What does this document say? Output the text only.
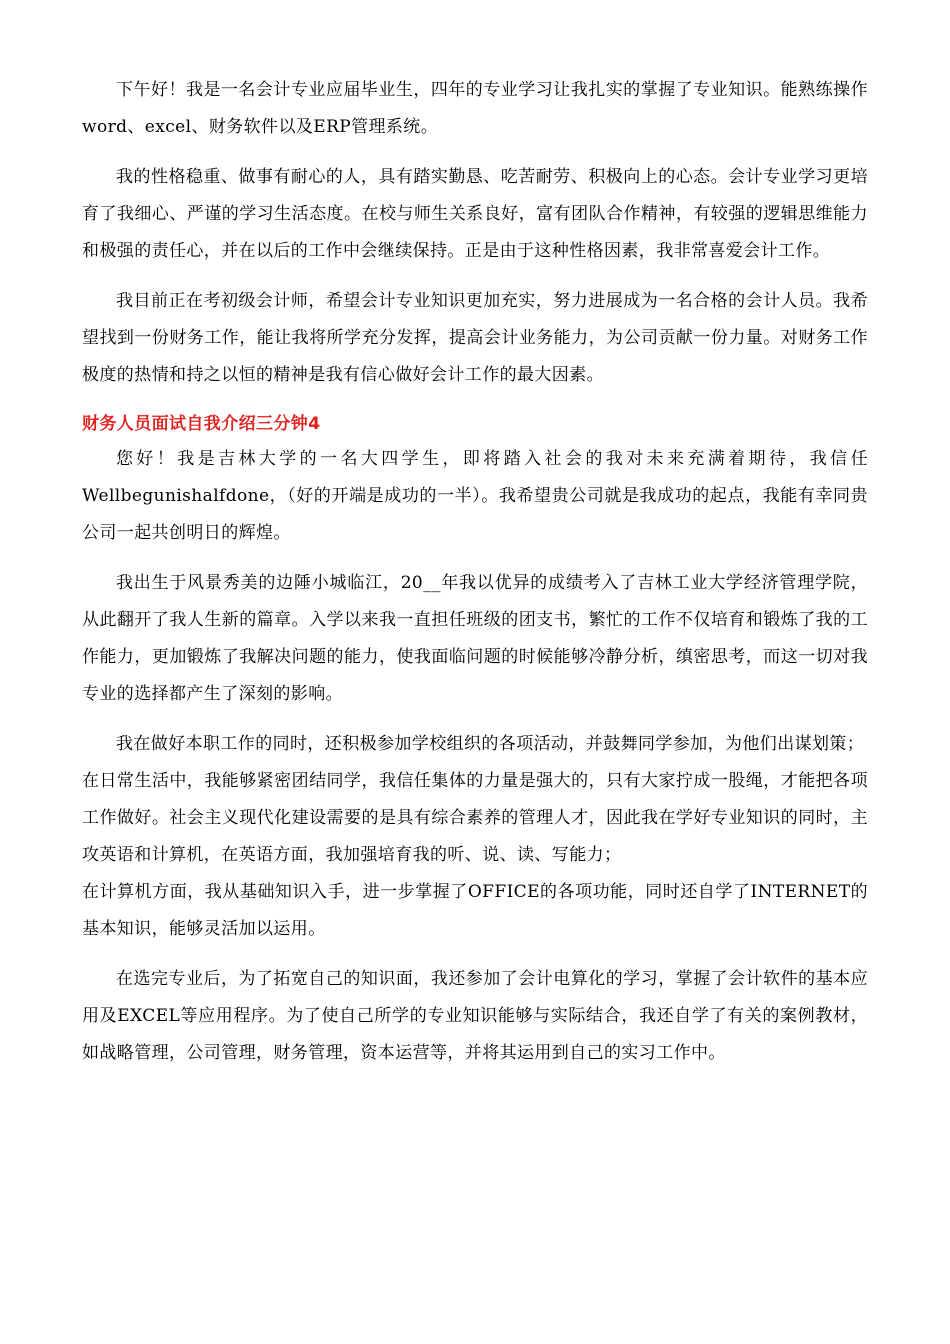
下午好！我是一名会计专业应届毕业生，四年的专业学习让我扎实的掌握了专业知识。能熟练操作word、excel、财务软件以及ERP管理系统。

我的性格稳重、做事有耐心的人，具有踏实勤恳、吃苦耐劳、积极向上的心态。会计专业学习更培育了我细心、严谨的学习生活态度。在校与师生关系良好，富有团队合作精神，有较强的逻辑思维能力和极强的责任心，并在以后的工作中会继续保持。正是由于这种性格因素，我非常喜爱会计工作。

我目前正在考初级会计师，希望会计专业知识更加充实，努力进展成为一名合格的会计人员。我希望找到一份财务工作，能让我将所学充分发挥，提高会计业务能力，为公司贡献一份力量。对财务工作极度的热情和持之以恒的精神是我有信心做好会计工作的最大因素。

财务人员面试自我介绍三分钟4

您好！我是吉林大学的一名大四学生，即将踏入社会的我对未来充满着期待，我信任Wellbegunishalfdone，（好的开端是成功的一半）。我希望贵公司就是我成功的起点，我能有幸同贵公司一起共创明日的辉煌。

我出生于风景秀美的边陲小城临江，20__年我以优异的成绩考入了吉林工业大学经济管理学院，从此翻开了我人生新的篇章。入学以来我一直担任班级的团支书，繁忙的工作不仅培育和锻炼了我的工作能力，更加锻炼了我解决问题的能力，使我面临问题的时候能够冷静分析，缜密思考，而这一切对我专业的选择都产生了深刻的影响。

我在做好本职工作的同时，还积极参加学校组织的各项活动，并鼓舞同学参加，为他们出谋划策；

在日常生活中，我能够紧密团结同学，我信任集体的力量是强大的，只有大家拧成一股绳，才能把各项工作做好。社会主义现代化建设需要的是具有综合素养的管理人才，因此我在学好专业知识的同时，主攻英语和计算机，在英语方面，我加强培育我的听、说、读、写能力；

在计算机方面，我从基础知识入手，进一步掌握了OFFICE的各项功能，同时还自学了INTERNET的基本知识，能够灵活加以运用。

在选完专业后，为了拓宽自己的知识面，我还参加了会计电算化的学习，掌握了会计软件的基本应用及EXCEL等应用程序。为了使自己所学的专业知识能够与实际结合，我还自学了有关的案例教材，如战略管理，公司管理，财务管理，资本运营等，并将其运用到自己的实习工作中。
